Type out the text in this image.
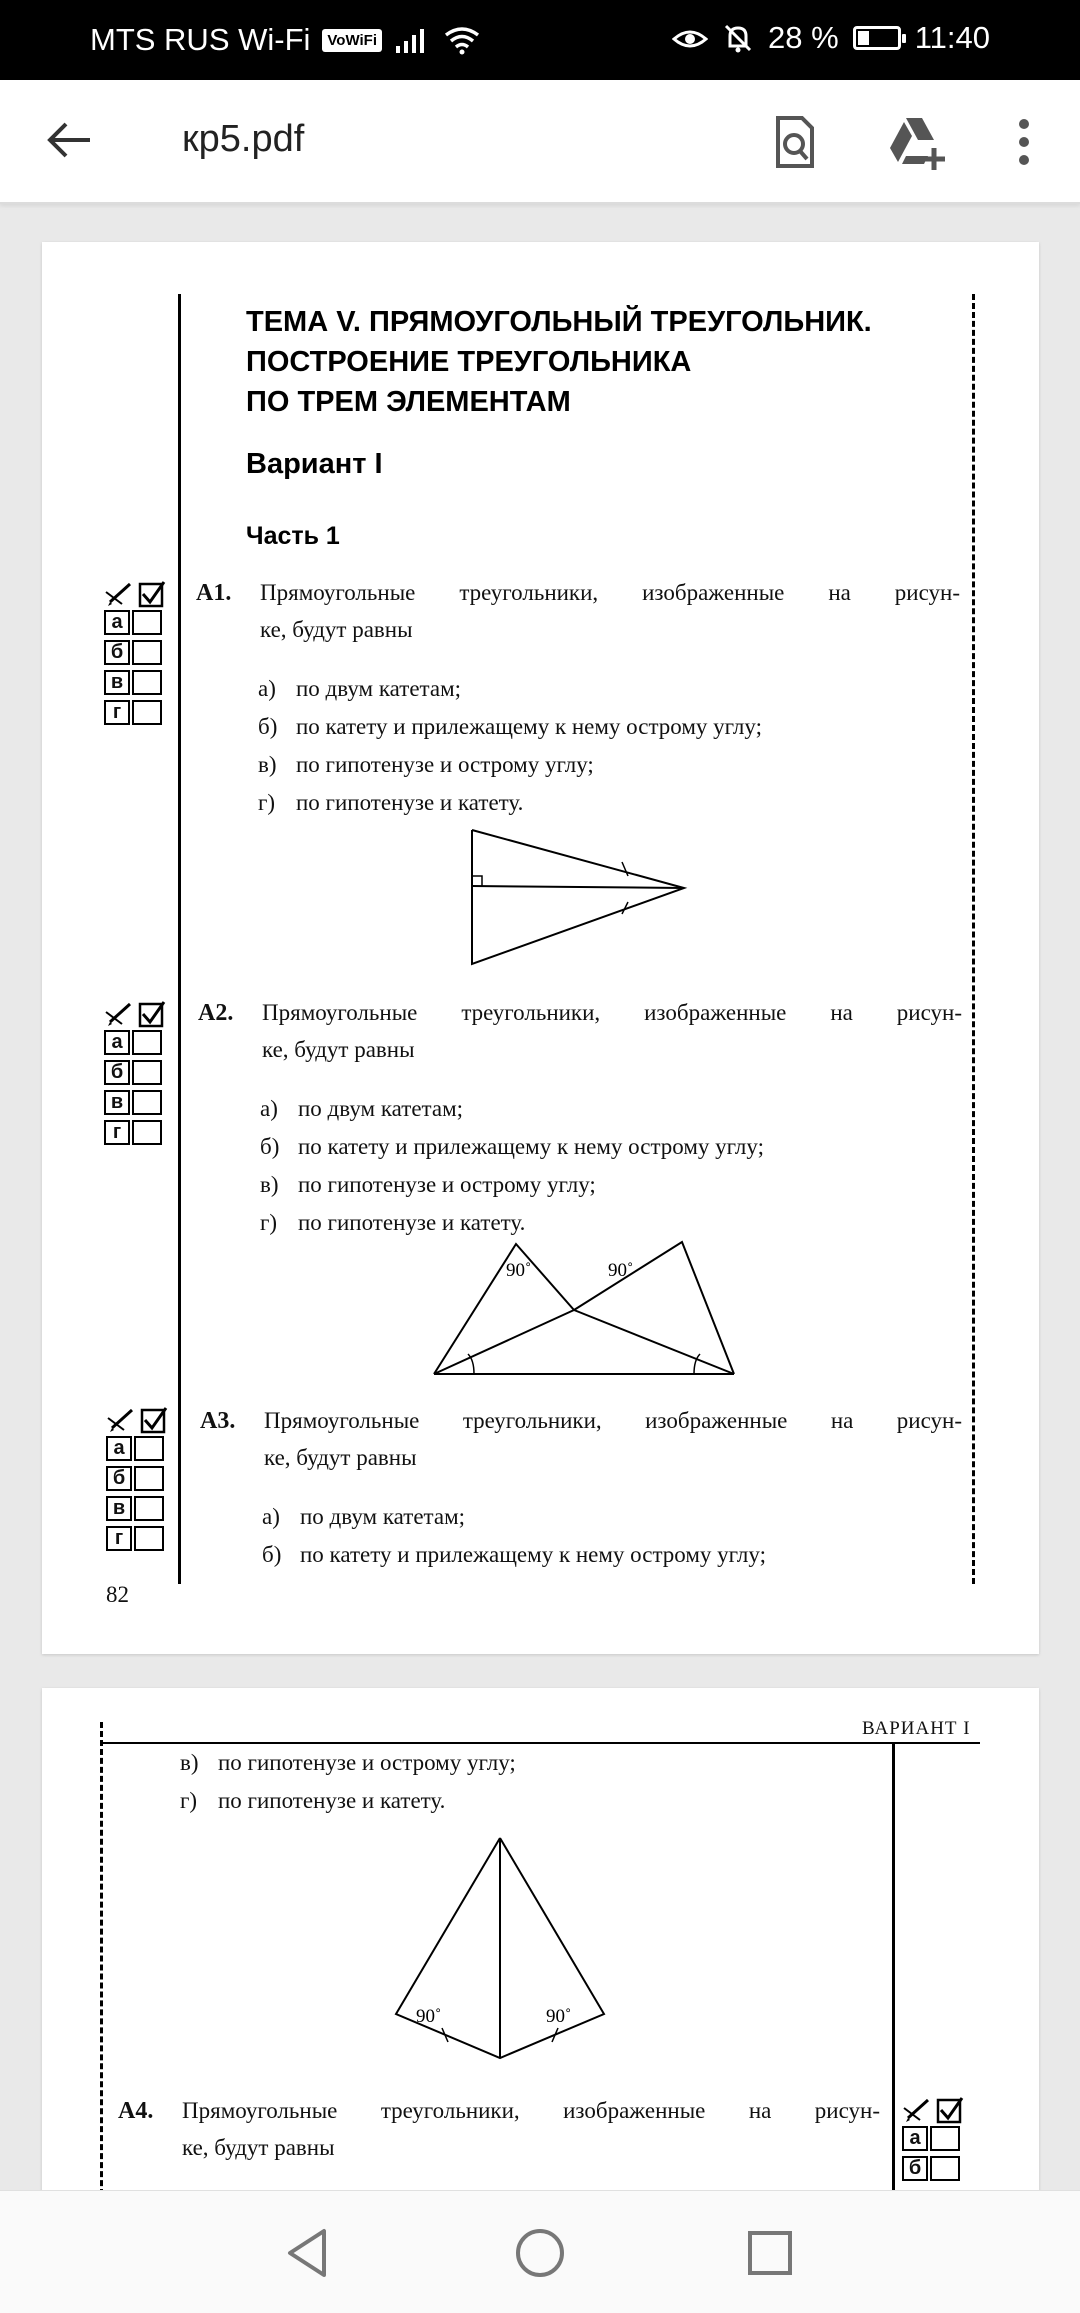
MTS RUS Wi-Fi	VoWiFi	28 % 11:40
кр5.pdf
ТЕМА V. ПРЯМОУГОЛЬНЫЙ ТРЕУГОЛЬНИК.
ПОСТРОЕНИЕ ТРЕУГОЛЬНИКА
ПО ТРЕМ ЭЛЕМЕНТАМ
Вариант I
Часть 1
а
б
в
г
А1. Прямоугольные треугольники, изображенные на рисун-
ке, будут равны
а) по двум катетам;
б) по катету и прилежащему к нему острому углу;
в) по гипотенузе и острому углу;
г) по гипотенузе и катету.
а
б
в
г
А2. Прямоугольные треугольники, изображенные на рисун-
ке, будут равны
а) по двум катетам;
б) по катету и прилежащему к нему острому углу;
в) по гипотенузе и острому углу;
г) по гипотенузе и катету.
90˚	90˚
а
б
в
г
А3. Прямоугольные треугольники, изображенные на рисун-
ке, будут равны
а) по двум катетам;
б) по катету и прилежащему к нему острому углу;
82
ВАРИАНТ I
в) по гипотенузе и острому углу;
г) по гипотенузе и катету.
90˚	90˚
А4. Прямоугольные треугольники, изображенные на рисун-
ке, будут равны	а
б
